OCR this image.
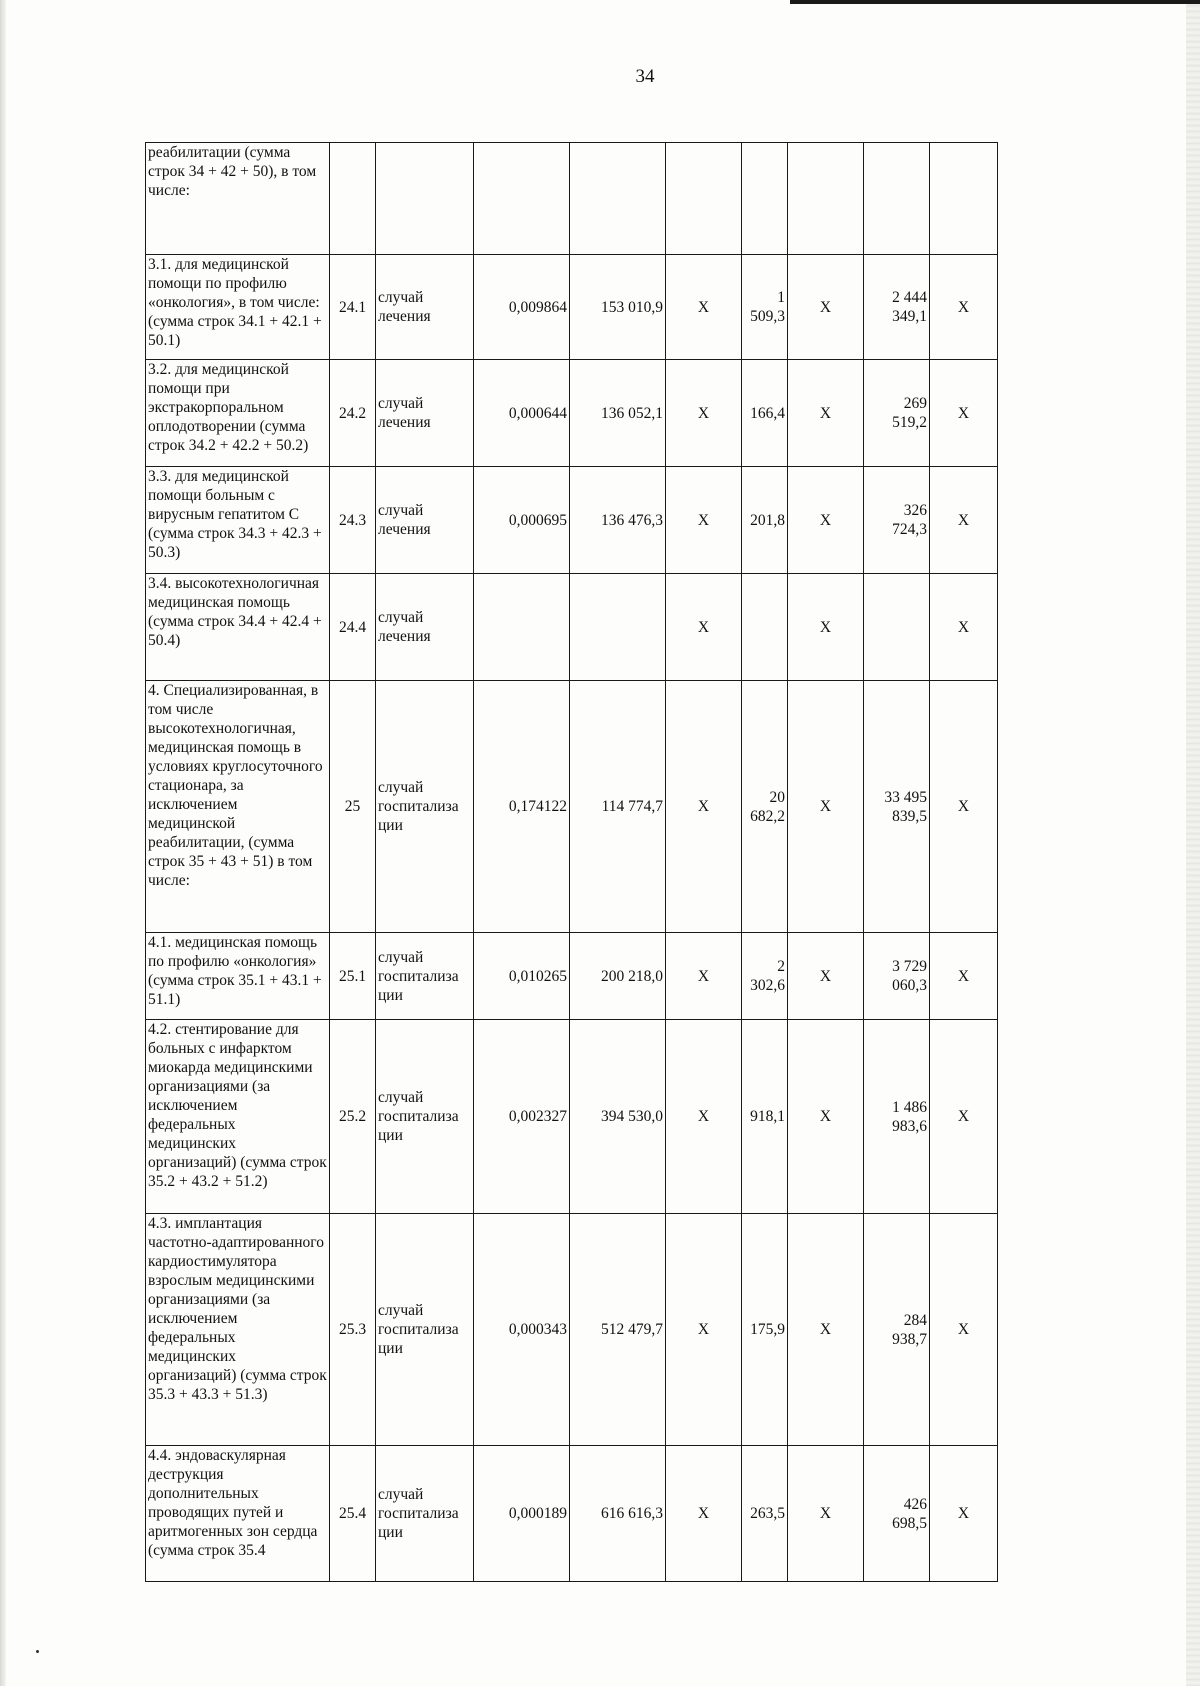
34
реабилитации (сумма строк 34 + 42 + 50), в том числе:									
3.1. для медицинской помощи по профилю «онкология», в том числе: (сумма строк 34.1 + 42.1 + 50.1)	24.1	случай лечения	0,009864	153 010,9	Х	1 509,3	Х	2 444 349,1	Х
3.2. для медицинской помощи при экстракорпоральном оплодотворении (сумма строк 34.2 + 42.2 + 50.2)	24.2	случай лечения	0,000644	136 052,1	Х	166,4	Х	269 519,2	Х
3.3. для медицинской помощи больным с вирусным гепатитом С (сумма строк 34.3 + 42.3 + 50.3)	24.3	случай лечения	0,000695	136 476,3	Х	201,8	Х	326 724,3	Х
3.4. высокотехнологичная медицинская помощь (сумма строк 34.4 + 42.4 + 50.4)	24.4	случай лечения			Х		Х		Х
4. Специализированная, в том числе высокотехнологичная, медицинская помощь в условиях круглосуточного стационара, за исключением медицинской реабилитации, (сумма строк 35 + 43 + 51) в том числе:	25	случай госпитализа ции	0,174122	114 774,7	Х	20 682,2	Х	33 495 839,5	Х
4.1. медицинская помощь по профилю «онкология» (сумма строк 35.1 + 43.1 + 51.1)	25.1	случай госпитализа ции	0,010265	200 218,0	Х	2 302,6	Х	3 729 060,3	Х
4.2. стентирование для больных с инфарктом миокарда медицинскими организациями (за исключением федеральных медицинских организаций) (сумма строк 35.2 + 43.2 + 51.2)	25.2	случай госпитализа ции	0,002327	394 530,0	Х	918,1	Х	1 486 983,6	Х
4.3. имплантация частотно-адаптированного кардиостимулятора взрослым медицинскими организациями (за исключением федеральных медицинских организаций) (сумма строк 35.3 + 43.3 + 51.3)	25.3	случай госпитализа ции	0,000343	512 479,7	Х	175,9	Х	284 938,7	Х
4.4. эндоваскулярная деструкция дополнительных проводящих путей и аритмогенных зон сердца (сумма строк 35.4	25.4	случай госпитализа ции	0,000189	616 616,3	Х	263,5	Х	426 698,5	Х
